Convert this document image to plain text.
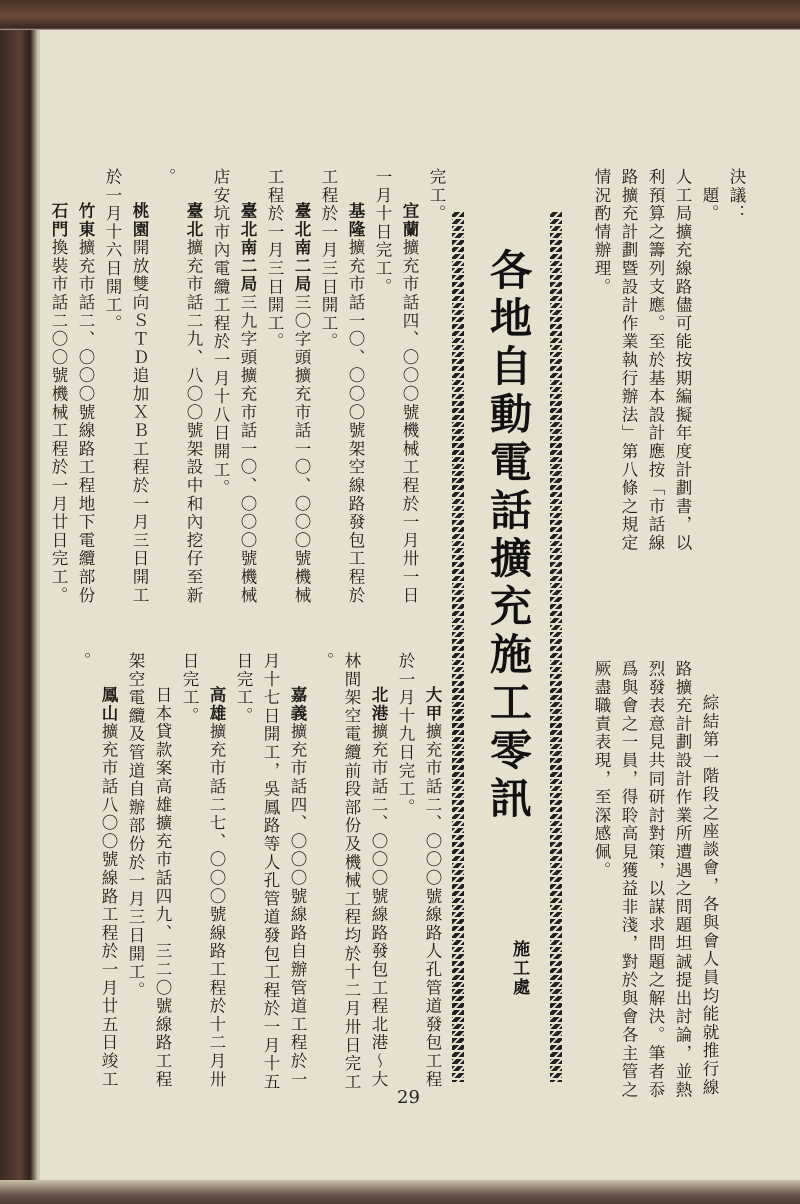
決議：

　題。

人工局擴充線路儘可能按期編擬年度計劃書，以

利預算之籌列支應。至於基本設計應按「市話線

路擴充計劃暨設計作業執行辦法」第八條之規定

情況酌情辦理。

綜結第一階段之座談會，各與會人員均能就推行線

路擴充計劃設計作業所遭遇之問題坦誠提出討論，並熱

烈發表意見共同研討對策，以謀求問題之解決。筆者忝

爲與會之一員，得聆高見獲益非淺，對於與會各主管之

厥盡職責表現，至深感佩。

各地自動電話擴充施工零訊
施工處

大甲擴充市話二、〇〇〇號線路人孔管道發包工程

於一月十九日完工。

北港擴充市話二、〇〇〇號線路發包工程北港～大

林間架空電纜前段部份及機械工程均於十二月卅日完工

。

嘉義擴充市話四、〇〇〇號線路自辦管道工程於一

月十七日開工，吳鳳路等人孔管道發包工程於一月十五

日完工。

高雄擴充市話二七、〇〇〇號線路工程於十二月卅

日完工。

日本貸款案高雄擴充市話四九、三二〇號線路工程

架空電纜及管道自辦部份於一月三日開工。

鳳山擴充市話八〇〇號線路工程於一月廿五日竣工

。

完工。

宜蘭擴充市話四、〇〇〇號機械工程於一月卅一日

一月十日完工。

基隆擴充市話一〇、〇〇〇號架空線路發包工程於

工程於一月三日開工。

臺北南二局三〇字頭擴充市話一〇、〇〇〇號機械

工程於一月三日開工。

臺北南二局三九字頭擴充市話一〇、〇〇〇號機械

店安坑市內電纜工程於一月十八日開工。

臺北擴充市話二九、八〇〇號架設中和內挖仔至新

。

桃園開放雙向ＳＴＤ追加ＸＢ工程於一月三日開工

於一月十六日開工。

竹東擴充市話二、〇〇〇號線路工程地下電纜部份

石門換裝市話二〇〇號機械工程於一月廿日完工。

29
